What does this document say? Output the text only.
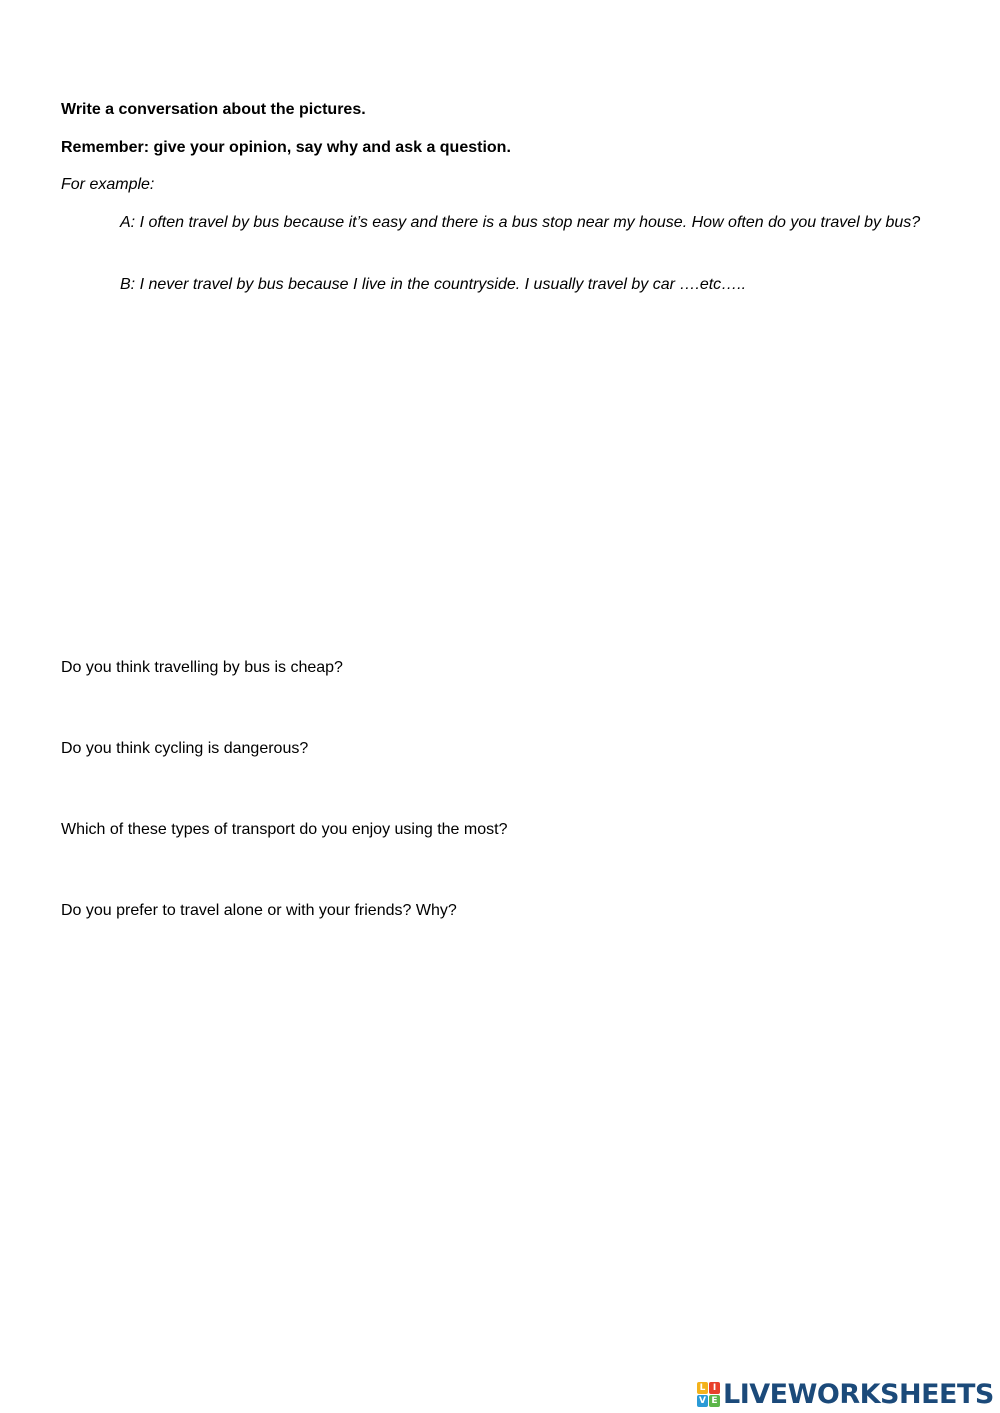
Write a conversation about the pictures.
Remember: give your opinion, say why and ask a question.
For example:
A: I often travel by bus because it’s easy and there is a bus stop near my house. How often do you travel by bus?
B: I never travel by bus because I live in the countryside. I usually travel by car ….etc…..
Do you think travelling by bus is cheap?
Do you think cycling is dangerous?
Which of these types of transport do you enjoy using the most?
Do you prefer to travel alone or with your friends? Why?
L I
V E LIVEWORKSHEETS
